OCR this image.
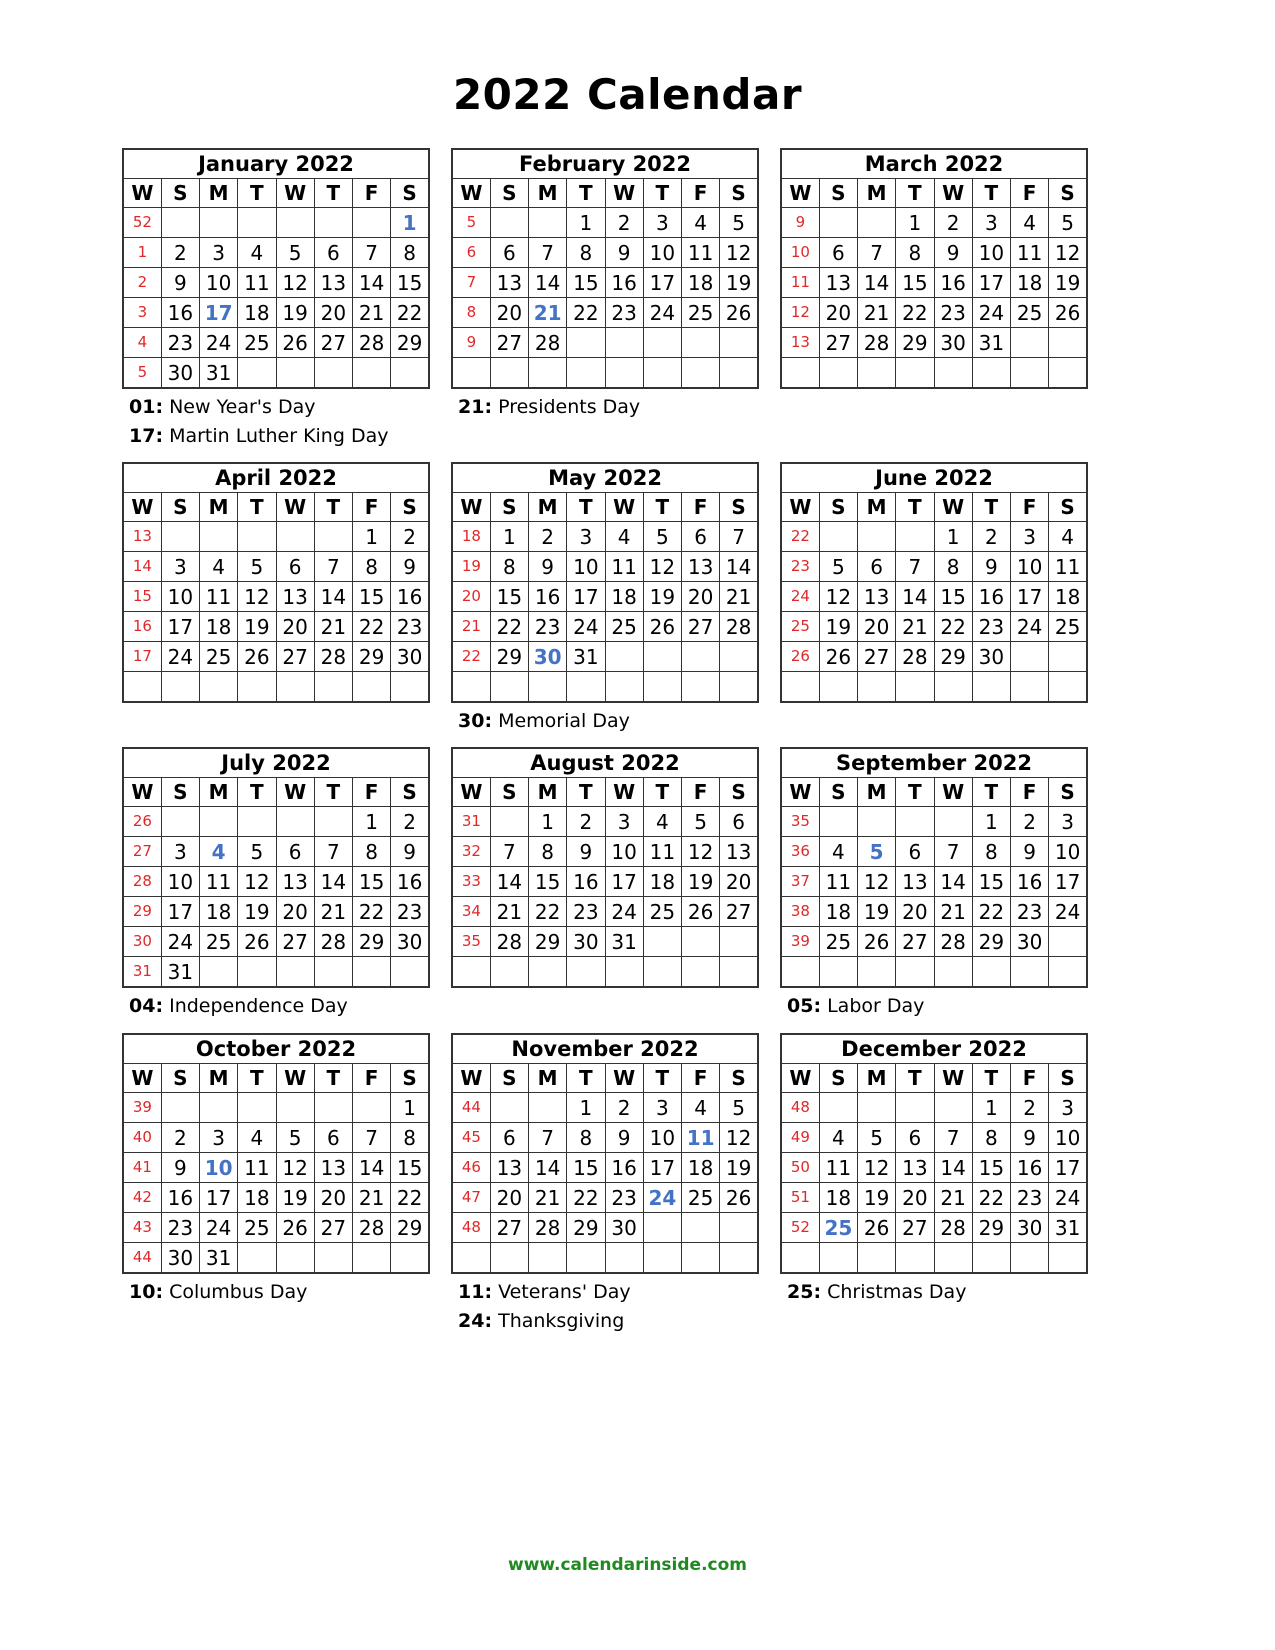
2022 Calendar
January 2022							
W	S	M	T	W	T	F	S
52							1
1	2	3	4	5	6	7	8
2	9	10	11	12	13	14	15
3	16	17	18	19	20	21	22
4	23	24	25	26	27	28	29
5	30	31					
01: New Year's Day
17: Martin Luther King Day
February 2022							
W	S	M	T	W	T	F	S
5			1	2	3	4	5
6	6	7	8	9	10	11	12
7	13	14	15	16	17	18	19
8	20	21	22	23	24	25	26
9	27	28					

21: Presidents Day
March 2022							
W	S	M	T	W	T	F	S
9			1	2	3	4	5
10	6	7	8	9	10	11	12
11	13	14	15	16	17	18	19
12	20	21	22	23	24	25	26
13	27	28	29	30	31		

April 2022							
W	S	M	T	W	T	F	S
13						1	2
14	3	4	5	6	7	8	9
15	10	11	12	13	14	15	16
16	17	18	19	20	21	22	23
17	24	25	26	27	28	29	30

May 2022							
W	S	M	T	W	T	F	S
18	1	2	3	4	5	6	7
19	8	9	10	11	12	13	14
20	15	16	17	18	19	20	21
21	22	23	24	25	26	27	28
22	29	30	31				

30: Memorial Day
June 2022							
W	S	M	T	W	T	F	S
22				1	2	3	4
23	5	6	7	8	9	10	11
24	12	13	14	15	16	17	18
25	19	20	21	22	23	24	25
26	26	27	28	29	30		

July 2022							
W	S	M	T	W	T	F	S
26						1	2
27	3	4	5	6	7	8	9
28	10	11	12	13	14	15	16
29	17	18	19	20	21	22	23
30	24	25	26	27	28	29	30
31	31						
04: Independence Day
August 2022							
W	S	M	T	W	T	F	S
31		1	2	3	4	5	6
32	7	8	9	10	11	12	13
33	14	15	16	17	18	19	20
34	21	22	23	24	25	26	27
35	28	29	30	31			

September 2022							
W	S	M	T	W	T	F	S
35					1	2	3
36	4	5	6	7	8	9	10
37	11	12	13	14	15	16	17
38	18	19	20	21	22	23	24
39	25	26	27	28	29	30	

05: Labor Day
October 2022							
W	S	M	T	W	T	F	S
39							1
40	2	3	4	5	6	7	8
41	9	10	11	12	13	14	15
42	16	17	18	19	20	21	22
43	23	24	25	26	27	28	29
44	30	31					
10: Columbus Day
November 2022							
W	S	M	T	W	T	F	S
44			1	2	3	4	5
45	6	7	8	9	10	11	12
46	13	14	15	16	17	18	19
47	20	21	22	23	24	25	26
48	27	28	29	30			

11: Veterans' Day
24: Thanksgiving
December 2022							
W	S	M	T	W	T	F	S
48					1	2	3
49	4	5	6	7	8	9	10
50	11	12	13	14	15	16	17
51	18	19	20	21	22	23	24
52	25	26	27	28	29	30	31

25: Christmas Day
www.calendarinside.com
